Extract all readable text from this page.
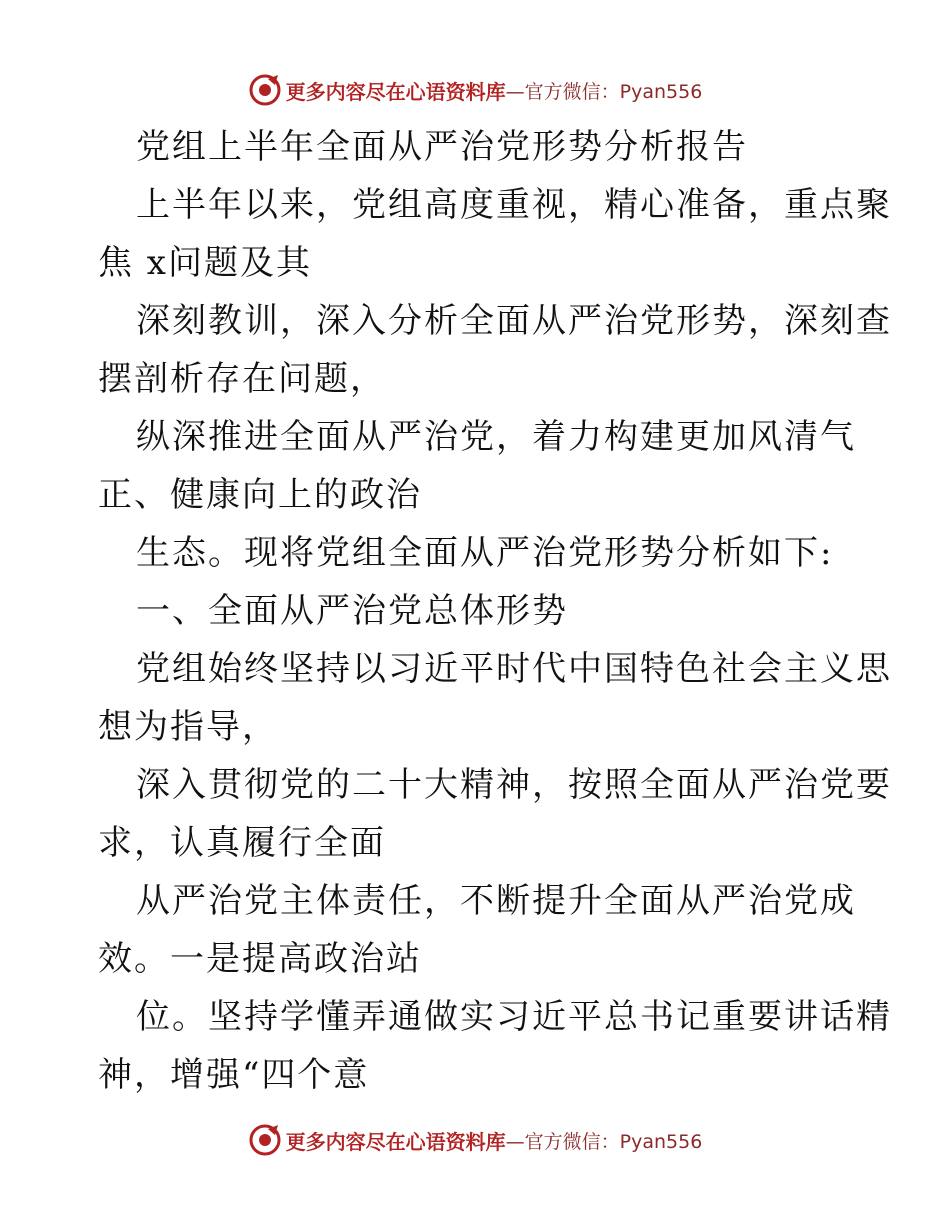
更多内容尽在心语资料库 —官方微信：Pyan556
党组上半年全面从严治党形势分析报告
上半年以来，党组高度重视，精心准备，重点聚
焦 x问题及其
深刻教训，深入分析全面从严治党形势，深刻查
摆剖析存在问题，
纵深推进全面从严治党，着力构建更加风清气
正、健康向上的政治
生态。现将党组全面从严治党形势分析如下:
一、全面从严治党总体形势
党组始终坚持以习近平时代中国特色社会主义思
想为指导，
深入贯彻党的二十大精神，按照全面从严治党要
求，认真履行全面
从严治党主体责任，不断提升全面从严治党成
效。一是提高政治站
位。坚持学懂弄通做实习近平总书记重要讲话精
神，增强“四个意
更多内容尽在心语资料库 —官方微信：Pyan556
